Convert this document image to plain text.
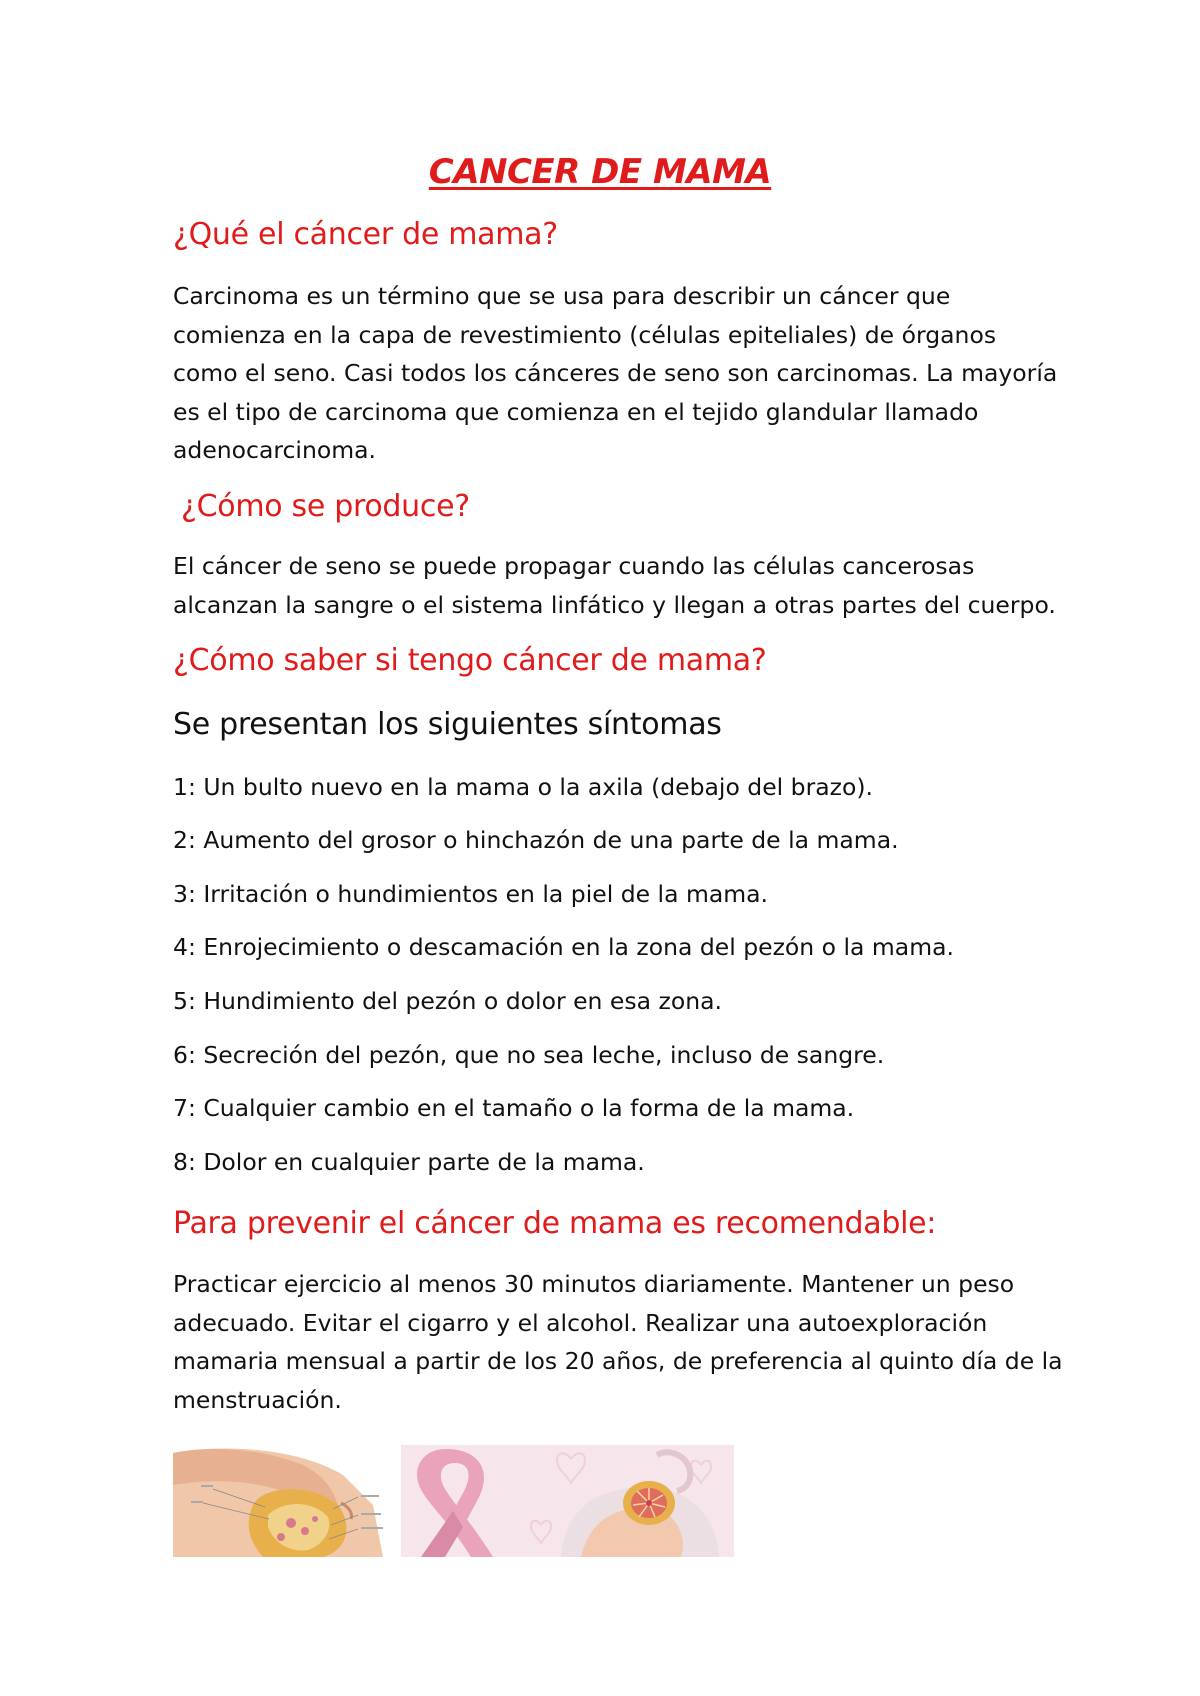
CANCER DE MAMA
¿Qué el cáncer de mama?
Carcinoma es un término que se usa para describir un cáncer que
comienza en la capa de revestimiento (células epiteliales) de órganos
como el seno. Casi todos los cánceres de seno son carcinomas. La mayoría
es el tipo de carcinoma que comienza en el tejido glandular llamado
adenocarcinoma.
¿Cómo se produce?
El cáncer de seno se puede propagar cuando las células cancerosas
alcanzan la sangre o el sistema linfático y llegan a otras partes del cuerpo.
¿Cómo saber si tengo cáncer de mama?
Se presentan los siguientes síntomas
1: Un bulto nuevo en la mama o la axila (debajo del brazo).
2: Aumento del grosor o hinchazón de una parte de la mama.
3: Irritación o hundimientos en la piel de la mama.
4: Enrojecimiento o descamación en la zona del pezón o la mama.
5: Hundimiento del pezón o dolor en esa zona.
6: Secreción del pezón, que no sea leche, incluso de sangre.
7: Cualquier cambio en el tamaño o la forma de la mama.
8: Dolor en cualquier parte de la mama.
Para prevenir el cáncer de mama es recomendable:
Practicar ejercicio al menos 30 minutos diariamente. Mantener un peso
adecuado. Evitar el cigarro y el alcohol. Realizar una autoexploración
mamaria mensual a partir de los 20 años, de preferencia al quinto día de la
menstruación.
